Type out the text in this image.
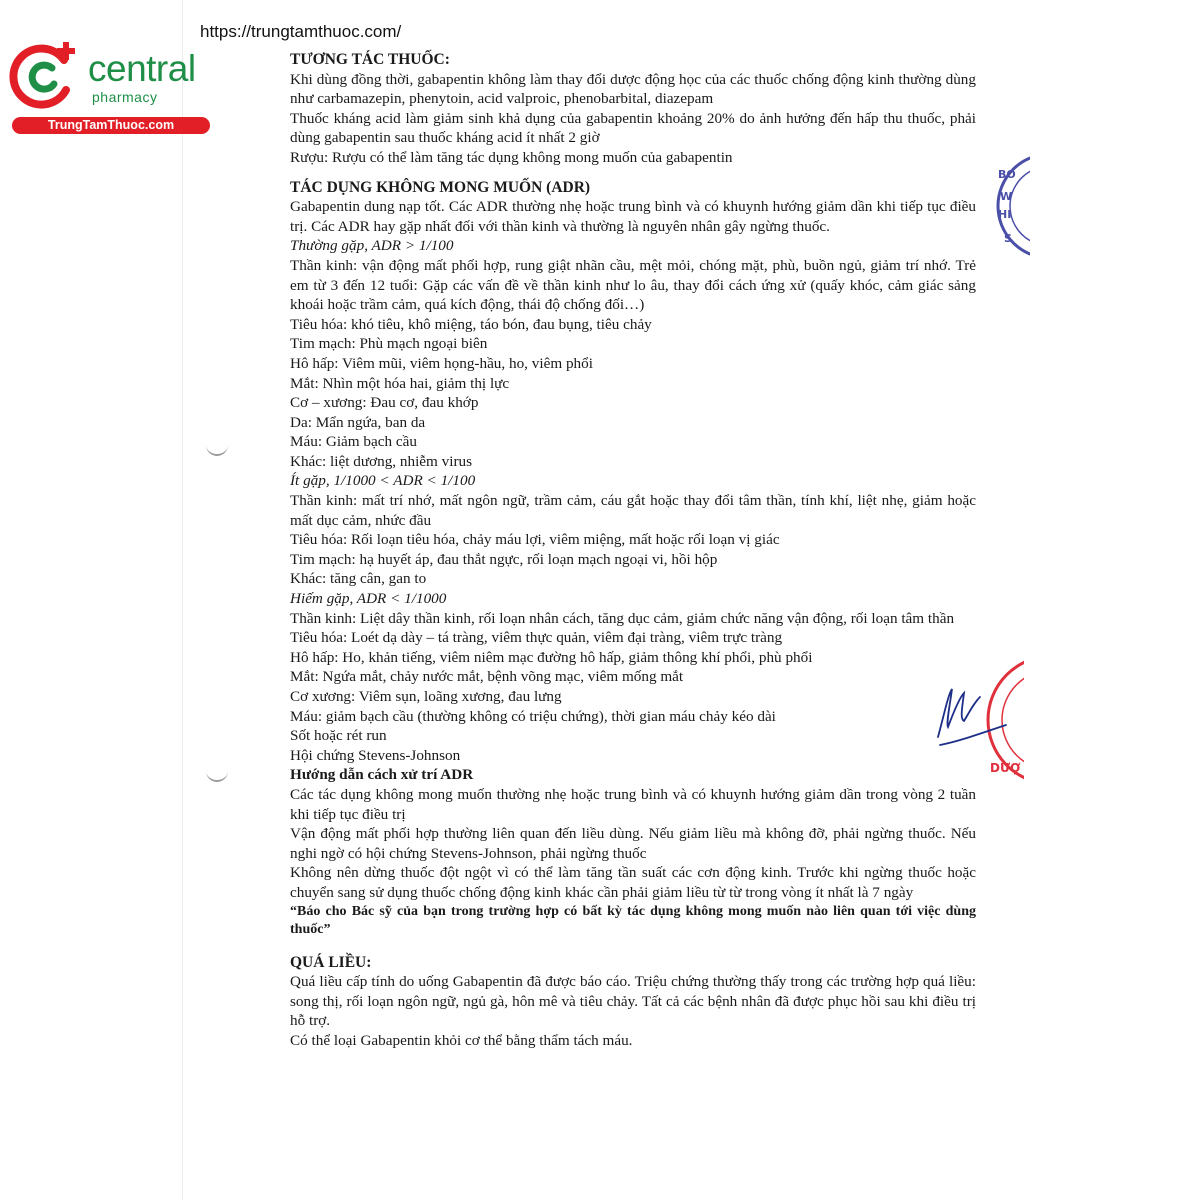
https://trungtamthuoc.com/
central
pharmacy
TrungTamThuoc.com
BO
W
HI
S
DƯỢ

TƯƠNG TÁC THUỐC:

Khi dùng đồng thời, gabapentin không làm thay đổi dược động học của các thuốc chống động kinh thường dùng như carbamazepin, phenytoin, acid valproic, phenobarbital, diazepam

Thuốc kháng acid làm giảm sinh khả dụng của gabapentin khoảng 20% do ảnh hưởng đến hấp thu thuốc, phải dùng gabapentin sau thuốc kháng acid ít nhất 2 giờ

Rượu: Rượu có thể làm tăng tác dụng không mong muốn của gabapentin

TÁC DỤNG KHÔNG MONG MUỐN (ADR)

Gabapentin dung nạp tốt. Các ADR thường nhẹ hoặc trung bình và có khuynh hướng giảm dần khi tiếp tục điều trị. Các ADR hay gặp nhất đối với thần kinh và thường là nguyên nhân gây ngừng thuốc.

Thường gặp, ADR > 1/100

Thần kinh: vận động mất phối hợp, rung giật nhãn cầu, mệt mỏi, chóng mặt, phù, buồn ngủ, giảm trí nhớ. Trẻ em từ 3 đến 12 tuổi: Gặp các vấn đề về thần kinh như lo âu, thay đổi cách ứng xử (quấy khóc, cảm giác sảng khoái hoặc trầm cảm, quá kích động, thái độ chống đối…)

Tiêu hóa: khó tiêu, khô miệng, táo bón, đau bụng, tiêu chảy

Tim mạch: Phù mạch ngoại biên

Hô hấp: Viêm mũi, viêm họng-hầu, ho, viêm phổi

Mắt: Nhìn một hóa hai, giảm thị lực

Cơ – xương: Đau cơ, đau khớp

Da: Mẩn ngứa, ban da

Máu: Giảm bạch cầu

Khác: liệt dương, nhiễm virus

Ít gặp, 1/1000 < ADR < 1/100

Thần kinh: mất trí nhớ, mất ngôn ngữ, trầm cảm, cáu gắt hoặc thay đổi tâm thần, tính khí, liệt nhẹ, giảm hoặc mất dục cảm, nhức đầu

Tiêu hóa: Rối loạn tiêu hóa, chảy máu lợi, viêm miệng, mất hoặc rối loạn vị giác

Tim mạch: hạ huyết áp, đau thắt ngực, rối loạn mạch ngoại vi, hồi hộp

Khác: tăng cân, gan to

Hiếm gặp, ADR < 1/1000

Thần kinh: Liệt dây thần kinh, rối loạn nhân cách, tăng dục cảm, giảm chức năng vận động, rối loạn tâm thần

Tiêu hóa: Loét dạ dày – tá tràng, viêm thực quản, viêm đại tràng, viêm trực tràng

Hô hấp: Ho, khản tiếng, viêm niêm mạc đường hô hấp, giảm thông khí phổi, phù phổi

Mắt: Ngứa mắt, chảy nước mắt, bệnh võng mạc, viêm mống mắt

Cơ xương: Viêm sụn, loãng xương, đau lưng

Máu: giảm bạch cầu (thường không có triệu chứng), thời gian máu chảy kéo dài

Sốt hoặc rét run

Hội chứng Stevens-Johnson

Hướng dẫn cách xử trí ADR

Các tác dụng không mong muốn thường nhẹ hoặc trung bình và có khuynh hướng giảm dần trong vòng 2 tuần khi tiếp tục điều trị

Vận động mất phối hợp thường liên quan đến liều dùng. Nếu giảm liều mà không đỡ, phải ngừng thuốc. Nếu nghi ngờ có hội chứng Stevens-Johnson, phải ngừng thuốc

Không nên dừng thuốc đột ngột vì có thể làm tăng tần suất các cơn động kinh. Trước khi ngừng thuốc hoặc chuyển sang sử dụng thuốc chống động kinh khác cần phải giảm liều từ từ trong vòng ít nhất là 7 ngày

“Báo cho Bác sỹ của bạn trong trường hợp có bất kỳ tác dụng không mong muốn nào liên quan tới việc dùng thuốc”

QUÁ LIỀU:

Quá liều cấp tính do uống Gabapentin đã được báo cáo. Triệu chứng thường thấy trong các trường hợp quá liều: song thị, rối loạn ngôn ngữ, ngủ gà, hôn mê và tiêu chảy. Tất cả các bệnh nhân đã được phục hồi sau khi điều trị hỗ trợ.

Có thể loại Gabapentin khỏi cơ thể bằng thẩm tách máu.
